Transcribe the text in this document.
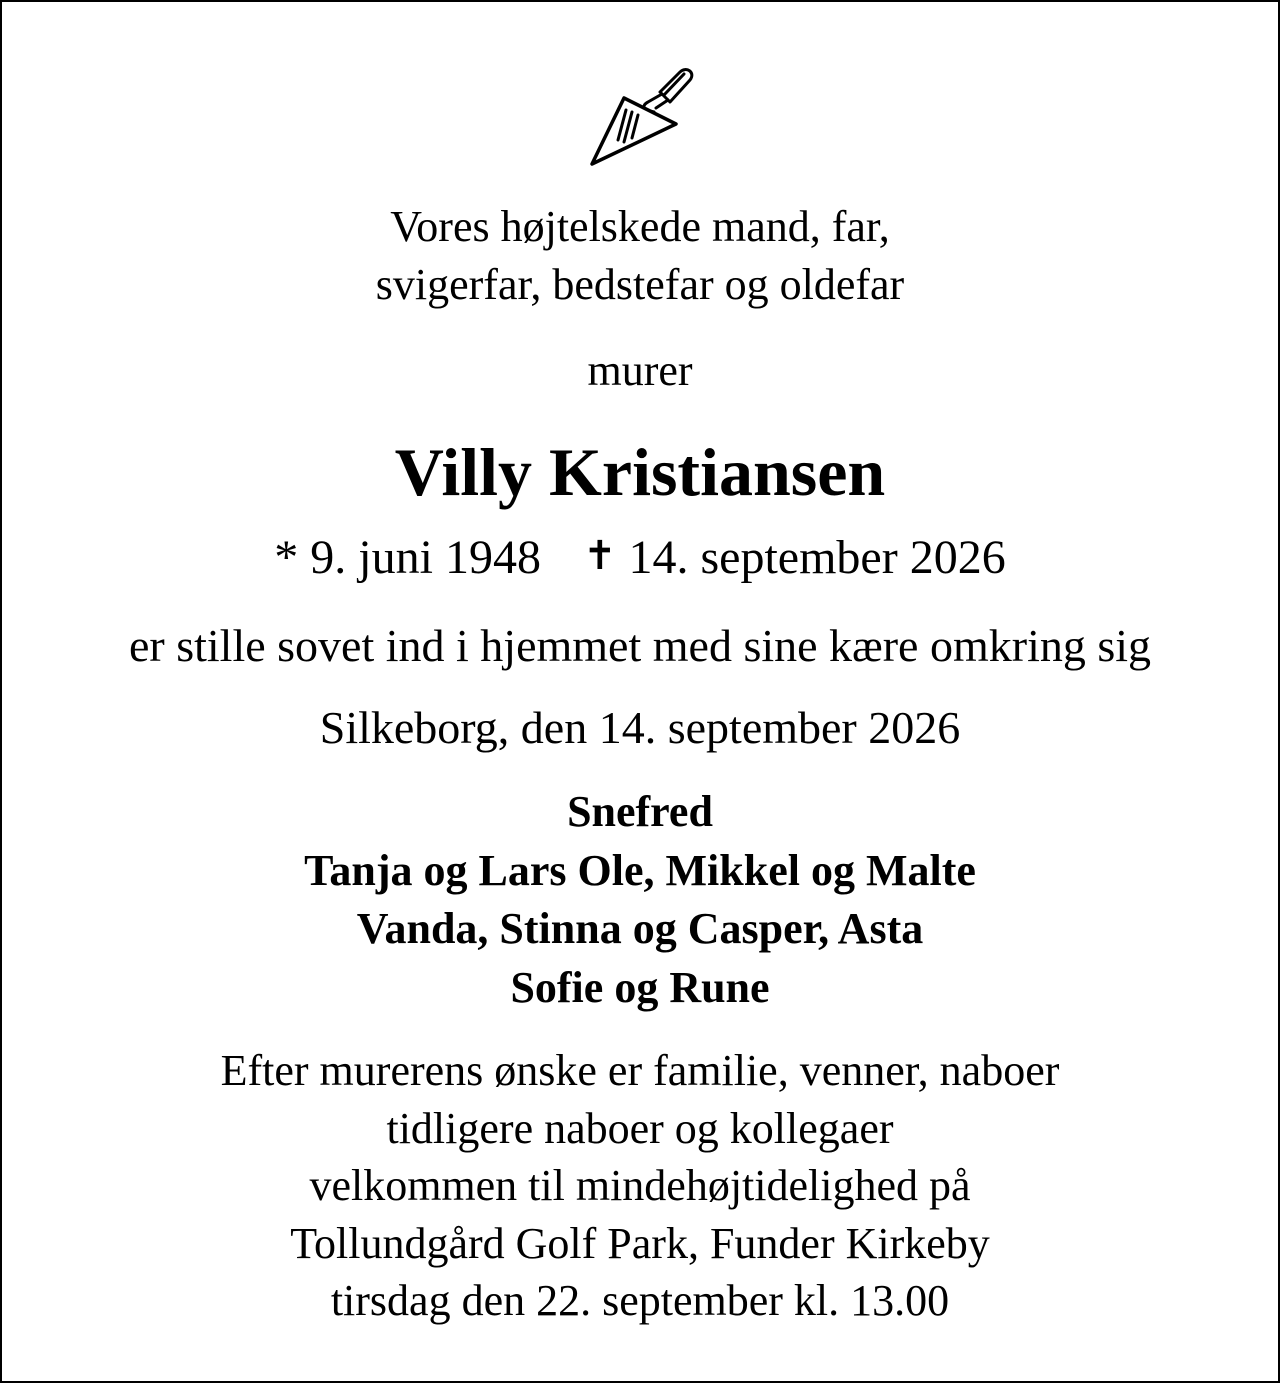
Vores højtelskede mand, far,
svigerfar, bedstefar og oldefar
murer
Villy Kristiansen
* 9. juni 1948 ✝ 14. september 2026
er stille sovet ind i hjemmet med sine kære omkring sig
Silkeborg, den 14. september 2026
Snefred
Tanja og Lars Ole, Mikkel og Malte
Vanda, Stinna og Casper, Asta
Sofie og Rune
Efter murerens ønske er familie, venner, naboer
tidligere naboer og kollegaer
velkommen til mindehøjtidelighed på
Tollundgård Golf Park, Funder Kirkeby
tirsdag den 22. september kl. 13.00
